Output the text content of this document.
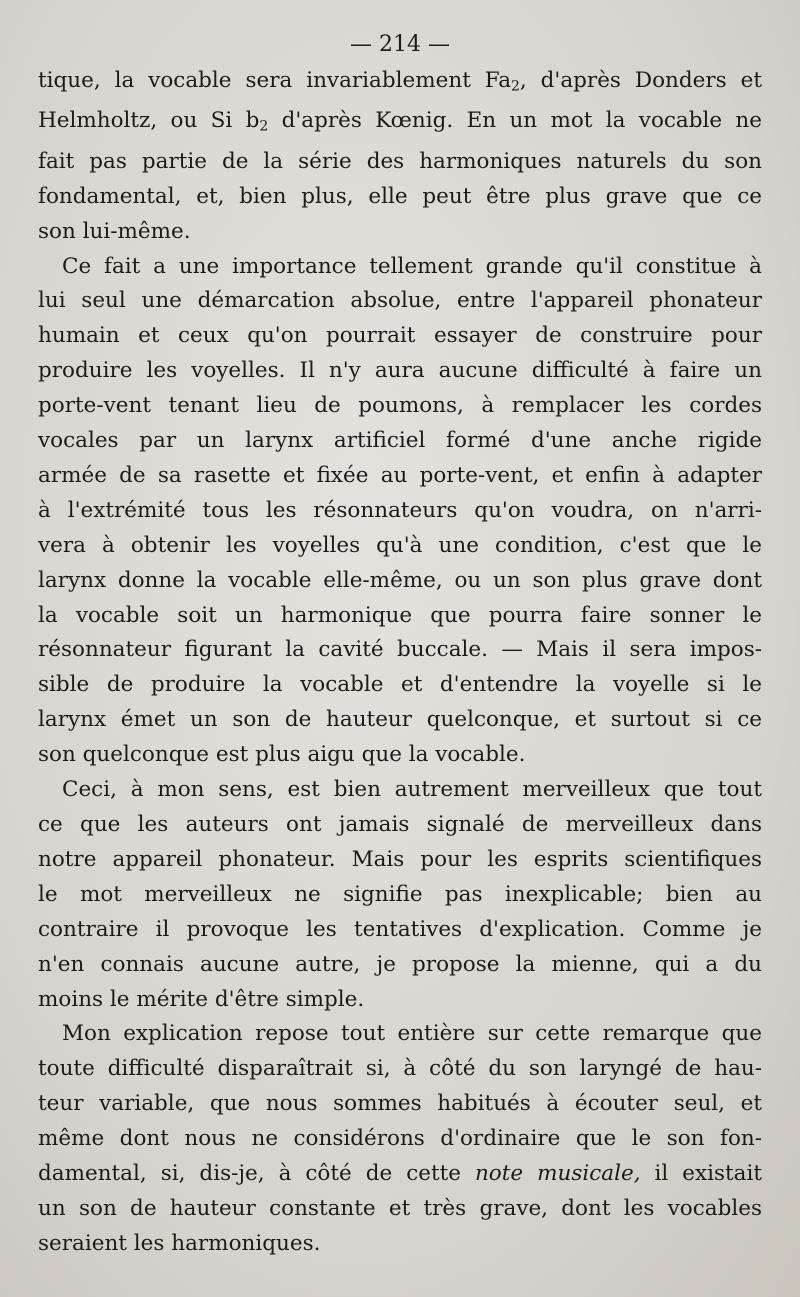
— 214 —

tique, la vocable sera invariablement $Fa_2$, d'après Donders et
Helmholtz, ou Si $b_2$ d'après Kœnig. En un mot la vocable ne
fait pas partie de la série des harmoniques naturels du son
fondamental, et, bien plus, elle peut être plus grave que ce
son lui-même.

Ce fait a une importance tellement grande qu'il constitue à
lui seul une démarcation absolue, entre l'appareil phonateur
humain et ceux qu'on pourrait essayer de construire pour
produire les voyelles. Il n'y aura aucune difficulté à faire un
porte-vent tenant lieu de poumons, à remplacer les cordes
vocales par un larynx artificiel formé d'une anche rigide
armée de sa rasette et fixée au porte-vent, et enfin à adapter
à l'extrémité tous les résonnateurs qu'on voudra, on n'arri-
vera à obtenir les voyelles qu'à une condition, c'est que le
larynx donne la vocable elle-même, ou un son plus grave dont
la vocable soit un harmonique que pourra faire sonner le
résonnateur figurant la cavité buccale. — Mais il sera impos-
sible de produire la vocable et d'entendre la voyelle si le
larynx émet un son de hauteur quelconque, et surtout si ce
son quelconque est plus aigu que la vocable.

Ceci, à mon sens, est bien autrement merveilleux que tout
ce que les auteurs ont jamais signalé de merveilleux dans
notre appareil phonateur. Mais pour les esprits scientifiques
le mot merveilleux ne signifie pas inexplicable; bien au
contraire il provoque les tentatives d'explication. Comme je
n'en connais aucune autre, je propose la mienne, qui a du
moins le mérite d'être simple.

Mon explication repose tout entière sur cette remarque que
toute difficulté disparaîtrait si, à côté du son laryngé de hau-
teur variable, que nous sommes habitués à écouter seul, et
même dont nous ne considérons d'ordinaire que le son fon-
damental, si, dis-je, à côté de cette note musicale, il existait
un son de hauteur constante et très grave, dont les vocables
seraient les harmoniques.
